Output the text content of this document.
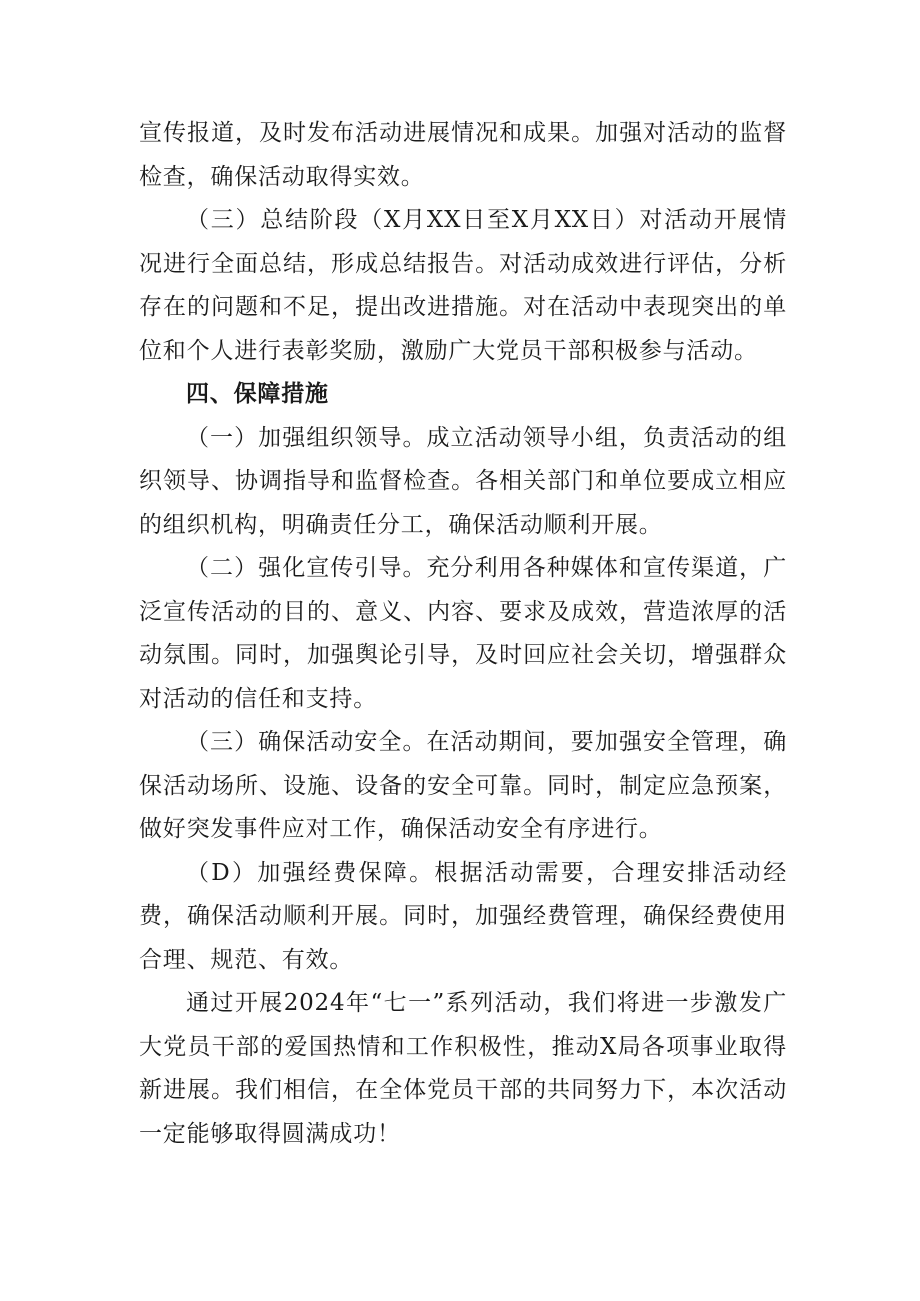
宣传报道，及时发布活动进展情况和成果。加强对活动的监督检查，确保活动取得实效。

（三）总结阶段（X月XX日至X月XX日）对活动开展情况进行全面总结，形成总结报告。对活动成效进行评估，分析存在的问题和不足，提出改进措施。对在活动中表现突出的单位和个人进行表彰奖励，激励广大党员干部积极参与活动。

四、保障措施

（一）加强组织领导。成立活动领导小组，负责活动的组织领导、协调指导和监督检查。各相关部门和单位要成立相应的组织机构，明确责任分工，确保活动顺利开展。

（二）强化宣传引导。充分利用各种媒体和宣传渠道，广泛宣传活动的目的、意义、内容、要求及成效，营造浓厚的活动氛围。同时，加强舆论引导，及时回应社会关切，增强群众对活动的信任和支持。

（三）确保活动安全。在活动期间，要加强安全管理，确保活动场所、设施、设备的安全可靠。同时，制定应急预案，做好突发事件应对工作，确保活动安全有序进行。

（D）加强经费保障。根据活动需要，合理安排活动经费，确保活动顺利开展。同时，加强经费管理，确保经费使用合理、规范、有效。

通过开展2024年“七一”系列活动，我们将进一步激发广大党员干部的爱国热情和工作积极性，推动X局各项事业取得新进展。我们相信，在全体党员干部的共同努力下，本次活动一定能够取得圆满成功！
